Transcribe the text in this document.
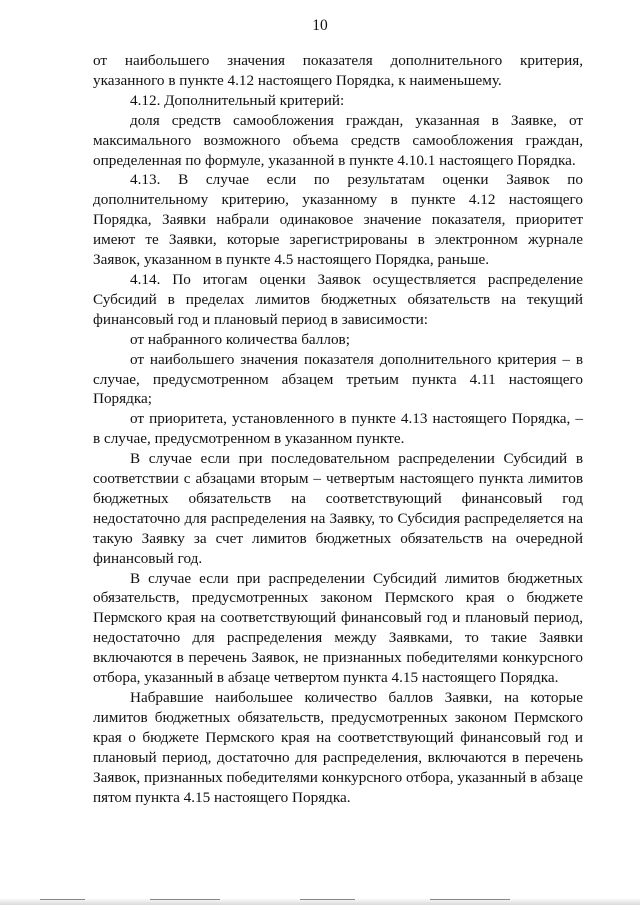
10

от наибольшего значения показателя дополнительного критерия, указанного в пункте 4.12 настоящего Порядка, к наименьшему.

4.12. Дополнительный критерий:

доля средств самообложения граждан, указанная в Заявке, от максимального возможного объема средств самообложения граждан, определенная по формуле, указанной в пункте 4.10.1 настоящего Порядка.

4.13. В случае если по результатам оценки Заявок по дополнительному критерию, указанному в пункте 4.12 настоящего Порядка, Заявки набрали одинаковое значение показателя, приоритет имеют те Заявки, которые зарегистрированы в электронном журнале Заявок, указанном в пункте 4.5 настоящего Порядка, раньше.

4.14. По итогам оценки Заявок осуществляется распределение Субсидий в пределах лимитов бюджетных обязательств на текущий финансовый год и плановый период в зависимости:

от набранного количества баллов;

от наибольшего значения показателя дополнительного критерия – в случае, предусмотренном абзацем третьим пункта 4.11 настоящего Порядка;

от приоритета, установленного в пункте 4.13 настоящего Порядка, – в случае, предусмотренном в указанном пункте.

В случае если при последовательном распределении Субсидий в соответствии с абзацами вторым – четвертым настоящего пункта лимитов бюджетных обязательств на соответствующий финансовый год недостаточно для распределения на Заявку, то Субсидия распределяется на такую Заявку за счет лимитов бюджетных обязательств на очередной финансовый год.

В случае если при распределении Субсидий лимитов бюджетных обязательств, предусмотренных законом Пермского края о бюджете Пермского края на соответствующий финансовый год и плановый период, недостаточно для распределения между Заявками, то такие Заявки включаются в перечень Заявок, не признанных победителями конкурсного отбора, указанный в абзаце четвертом пункта 4.15 настоящего Порядка.

Набравшие наибольшее количество баллов Заявки, на которые лимитов бюджетных обязательств, предусмотренных законом Пермского края о бюджете Пермского края на соответствующий финансовый год и плановый период, достаточно для распределения, включаются в перечень Заявок, признанных победителями конкурсного отбора, указанный в абзаце пятом пункта 4.15 настоящего Порядка.
